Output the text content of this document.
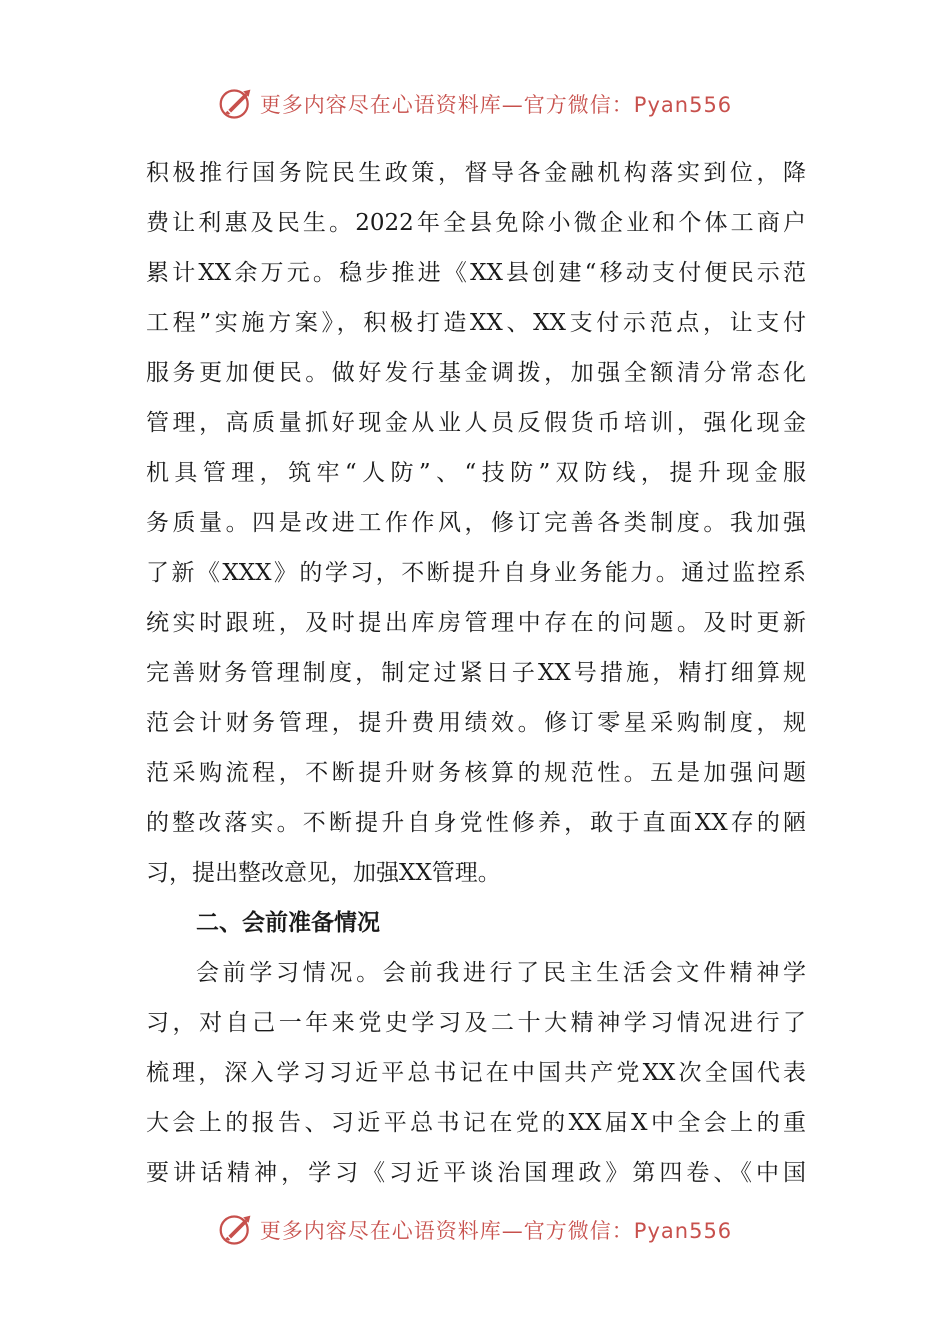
更多内容尽在心语资料库—官方微信：Pyan556
积极推行国务院民生政策，督导各金融机构落实到位，降
费让利惠及民生。2022年全县免除小微企业和个体工商户
累计XX余万元。稳步推进《XX县创建“移动支付便民示范
工程”实施方案》，积极打造XX、XX支付示范点，让支付
服务更加便民。做好发行基金调拨，加强全额清分常态化
管理，高质量抓好现金从业人员反假货币培训，强化现金
机具管理，筑牢“人防”、“技防”双防线，提升现金服
务质量。四是改进工作作风，修订完善各类制度。我加强
了新《XXX》的学习，不断提升自身业务能力。通过监控系
统实时跟班，及时提出库房管理中存在的问题。及时更新
完善财务管理制度，制定过紧日子XX号措施，精打细算规
范会计财务管理，提升费用绩效。修订零星采购制度，规
范采购流程，不断提升财务核算的规范性。五是加强问题
的整改落实。不断提升自身党性修养，敢于直面XX存的陋
习，提出整改意见，加强XX管理。
二、会前准备情况
会前学习情况。会前我进行了民主生活会文件精神学
习，对自己一年来党史学习及二十大精神学习情况进行了
梳理，深入学习习近平总书记在中国共产党XX次全国代表
大会上的报告、习近平总书记在党的XX届X中全会上的重
要讲话精神，学习《习近平谈治国理政》第四卷、《中国
更多内容尽在心语资料库—官方微信：Pyan556
